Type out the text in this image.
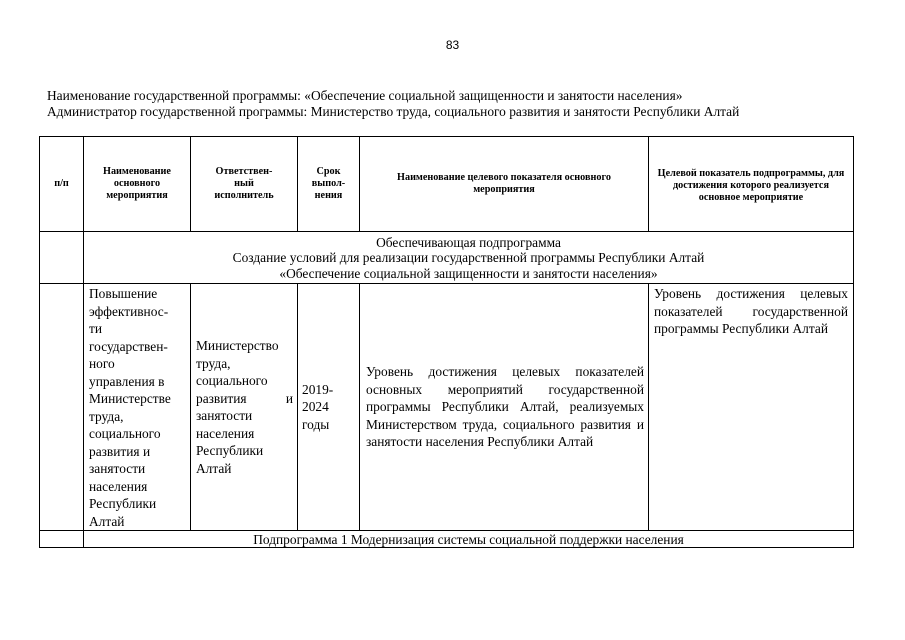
83
Наименование государственной программы: «Обеспечение социальной защищенности и занятости населения»
Администратор государственной программы: Министерство труда, социального развития и занятости Республики Алтай
п/п	Наименование основного мероприятия	Ответствен-
ный
исполнитель	Срок
выпол-
нения	Наименование целевого показателя основного мероприятия	Целевой показатель подпрограммы, для достижения которого реализуется основное мероприятие

	Обеспечивающая подпрограмма
Создание условий для реализации государственной программы Республики Алтай
«Обеспечение социальной защищенности и занятости населения»				

	Повышение эффективнос-ти государствен-ного управления в Министерстве труда, социального развития и занятости населения Республики Алтай	Министерство труда, социального развития и занятости населения Республики Алтай	2019-2024 годы	Уровень достижения целевых показателей основных мероприятий государственной программы Республики Алтай, реализуемых Министерством труда, социального развития и занятости населения Республики Алтай	Уровень достижения целевых показателей государственной программы Республики Алтай
	Подпрограмма 1 Модернизация системы социальной поддержки населения				
